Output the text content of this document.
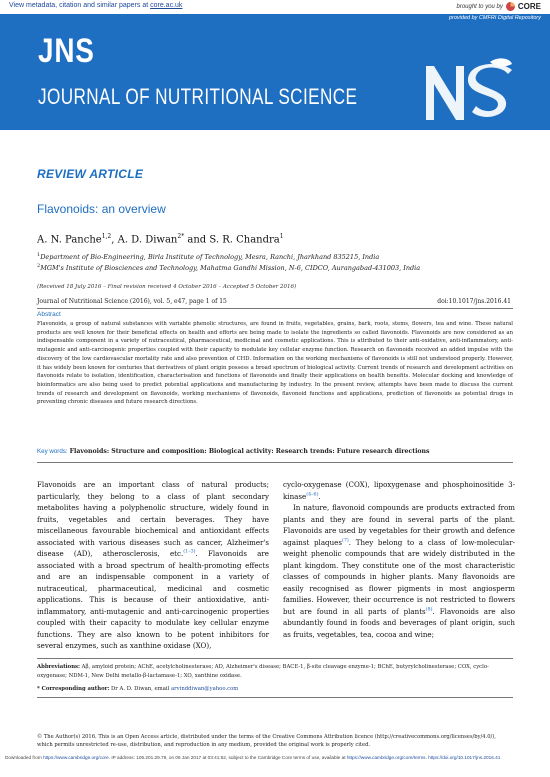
View metadata, citation and similar papers at core.ac.uk	brought to you by CORE
provided by CMFRI Digital Repository
JNS
JOURNAL OF NUTRITIONAL SCIENCE
REVIEW ARTICLE
Flavonoids: an overview
A. N. Panche$^{1,2}$, A. D. Diwan$^{2*}$ and S. R. Chandra$^1$
$^1$Department of Bio-Engineering, Birla Institute of Technology, Mesra, Ranchi, Jharkhand 835215, India
$^2$MGM's Institute of Biosciences and Technology, Mahatma Gandhi Mission, N-6, CIDCO, Aurangabad-431003, India
(Received 18 July 2016 – Final revision received 4 October 2016 – Accepted 5 October 2016)
Journal of Nutritional Science (2016), vol. 5, e47, page 1 of 15	doi:10.1017/jns.2016.41
Abstract
Flavonoids, a group of natural substances with variable phenolic structures, are found in fruits, vegetables, grains, bark, roots, stems, flowers, tea and wine. These natural products are well known for their beneficial effects on health and efforts are being made to isolate the ingredients so called flavonoids. Flavonoids are now considered as an indispensable component in a variety of nutraceutical, pharmaceutical, medicinal and cosmetic applications. This is attributed to their anti-oxidative, anti-inflammatory, anti-mutagenic and anti-carcinogenic properties coupled with their capacity to modulate key cellular enzyme function. Research on flavonoids received an added impulse with the discovery of the low cardiovascular mortality rate and also prevention of CHD. Information on the working mechanisms of flavonoids is still not understood properly. However, it has widely been known for centuries that derivatives of plant origin possess a broad spectrum of biological activity. Current trends of research and development activities on flavonoids relate to isolation, identification, characterisation and functions of flavonoids and finally their applications on health benefits. Molecular docking and knowledge of bioinformatics are also being used to predict potential applications and manufacturing by industry. In the present review, attempts have been made to discuss the current trends of research and development on flavonoids, working mechanisms of flavonoids, flavonoid functions and applications, prediction of flavonoids as potential drugs in preventing chronic diseases and future research directions.
Key words: Flavonoids: Structure and composition: Biological activity: Research trends: Future research directions

Flavonoids are an important class of natural products; particularly, they belong to a class of plant secondary metabolites having a polyphenolic structure, widely found in fruits, vegetables and certain beverages. They have miscellaneous favourable biochemical and antioxidant effects associated with various diseases such as cancer, Alzheimer's disease (AD), atherosclerosis, etc.$^{(1-3)}$. Flavonoids are associated with a broad spectrum of health-promoting effects and are an indispensable component in a variety of nutraceutical, pharmaceutical, medicinal and cosmetic applications. This is because of their antioxidative, anti-inflammatory, anti-mutagenic and anti-carcinogenic properties coupled with their capacity to modulate key cellular enzyme functions. They are also known to be potent inhibitors for several enzymes, such as xanthine oxidase (XO),

cyclo-oxygenase (COX), lipoxygenase and phosphoinositide 3-kinase$^{(4-6)}$.

In nature, flavonoid compounds are products extracted from plants and they are found in several parts of the plant. Flavonoids are used by vegetables for their growth and defence against plaques$^{(7)}$. They belong to a class of low-molecular-weight phenolic compounds that are widely distributed in the plant kingdom. They constitute one of the most characteristic classes of compounds in higher plants. Many flavonoids are easily recognised as flower pigments in most angiosperm families. However, their occurrence is not restricted to flowers but are found in all parts of plants$^{(8)}$. Flavonoids are also abundantly found in foods and beverages of plant origin, such as fruits, vegetables, tea, cocoa and wine;

Abbreviations: Aβ, amyloid protein; AChE, acetylcholinesterase; AD, Alzheimer's disease; BACE-1, β-site cleavage enzyme-1; BChE, butyrylcholinesterase; COX, cyclo-oxygenase; NDM-1, New Delhi metallo-β-lactamase-1; XO, xanthine oxidase.
* Corresponding author: Dr A. D. Diwan, email arvinddiwan@yahoo.com
© The Author(s) 2016. This is an Open Access article, distributed under the terms of the Creative Commons Attribution licence (http://creativecommons.org/licenses/by/4.0/), which permits unrestricted re-use, distribution, and reproduction in any medium, provided the original work is properly cited.
Downloaded from https://www.cambridge.org/core. IP address: 106.201.29.79, on 06 Jan 2017 at 03:41:52, subject to the Cambridge Core terms of use, available at https://www.cambridge.org/core/terms. https://doi.org/10.1017/jns.2016.41
